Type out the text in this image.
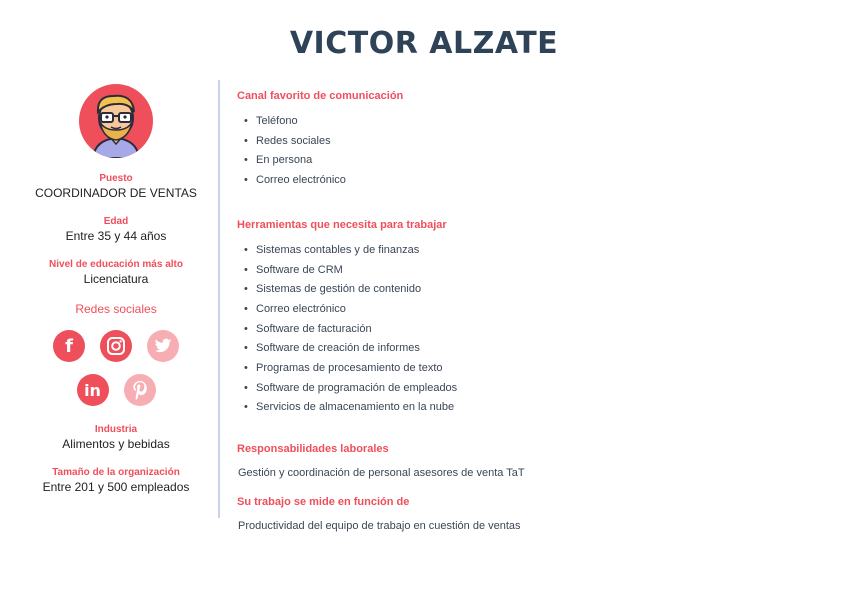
VICTOR ALZATE
Puesto
COORDINADOR DE VENTAS
Edad
Entre 35 y 44 años
Nivel de educación más alto
Licenciatura
Redes sociales
f
in
Industria
Alimentos y bebidas
Tamaño de la organización
Entre 201 y 500 empleados
Canal favorito de comunicación
• Teléfono
• Redes sociales
• En persona
• Correo electrónico
Herramientas que necesita para trabajar
• Sistemas contables y de finanzas
• Software de CRM
• Sistemas de gestión de contenido
• Correo electrónico
• Software de facturación
• Software de creación de informes
• Programas de procesamiento de texto
• Software de programación de empleados
• Servicios de almacenamiento en la nube
Responsabilidades laborales
Gestión y coordinación de personal asesores de venta TaT
Su trabajo se mide en función de
Productividad del equipo de trabajo en cuestión de ventas
